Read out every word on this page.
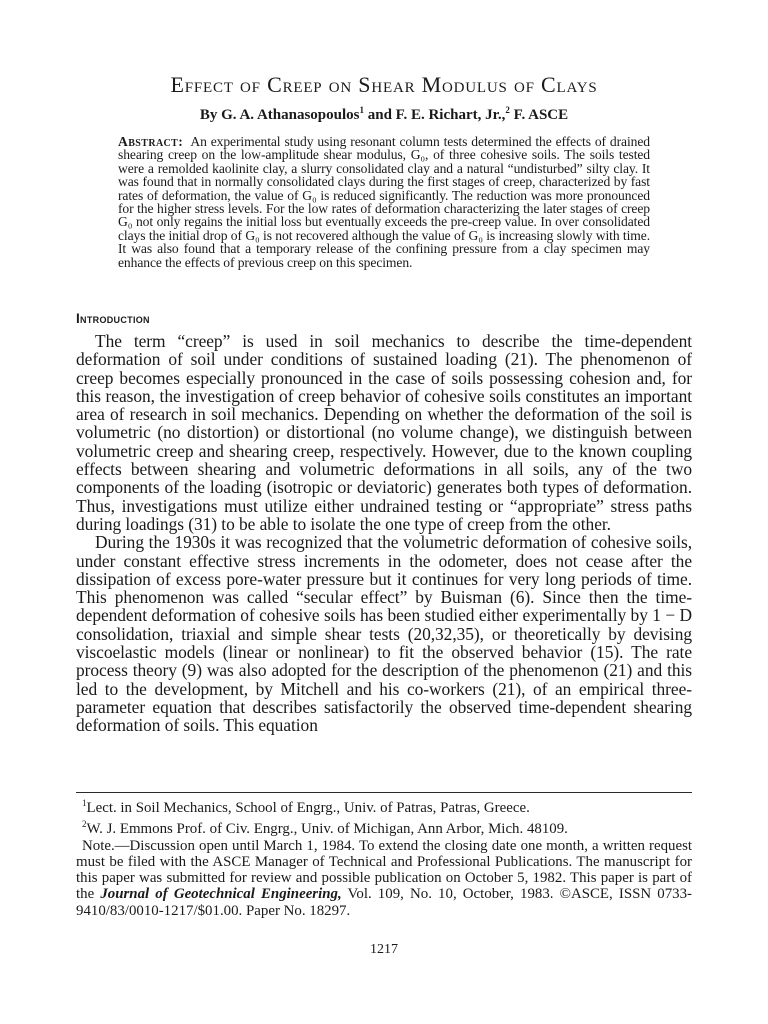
Effect of Creep on Shear Modulus of Clays
By G. A. Athanasopoulos$^1$ and F. E. Richart, Jr.,$^2$ F. ASCE

Abstract: An experimental study using resonant column tests determined the effects of drained shearing creep on the low-amplitude shear modulus, G₀, of three cohesive soils. The soils tested were a remolded kaolinite clay, a slurry consolidated clay and a natural “undisturbed” silty clay. It was found that in normally consolidated clays during the first stages of creep, characterized by fast rates of deformation, the value of G₀ is reduced significantly. The reduction was more pronounced for the higher stress levels. For the low rates of deformation characterizing the later stages of creep G₀ not only regains the initial loss but eventually exceeds the pre-creep value. In over consolidated clays the initial drop of G₀ is not recovered although the value of G₀ is increasing slowly with time. It was also found that a temporary release of the confining pressure from a clay specimen may enhance the effects of previous creep on this specimen.

Introduction

The term “creep” is used in soil mechanics to describe the time-dependent deformation of soil under conditions of sustained loading (21). The phenomenon of creep becomes especially pronounced in the case of soils possessing cohesion and, for this reason, the investigation of creep behavior of cohesive soils constitutes an important area of research in soil mechanics. Depending on whether the deformation of the soil is volumetric (no distortion) or distortional (no volume change), we distinguish between volumetric creep and shearing creep, respectively. However, due to the known coupling effects between shearing and volumetric deformations in all soils, any of the two components of the loading (isotropic or deviatoric) generates both types of deformation. Thus, investigations must utilize either undrained testing or “appropriate” stress paths during loadings (31) to be able to isolate the one type of creep from the other.

During the 1930s it was recognized that the volumetric deformation of cohesive soils, under constant effective stress increments in the odometer, does not cease after the dissipation of excess pore-water pressure but it continues for very long periods of time. This phenomenon was called “secular effect” by Buisman (6). Since then the time-dependent deformation of cohesive soils has been studied either experimentally by 1 − D consolidation, triaxial and simple shear tests (20,32,35), or theoretically by devising viscoelastic models (linear or nonlinear) to fit the observed behavior (15). The rate process theory (9) was also adopted for the description of the phenomenon (21) and this led to the development, by Mitchell and his co-workers (21), of an empirical three-parameter equation that describes satisfactorily the observed time-dependent shearing deformation of soils. This equation

$^1$Lect. in Soil Mechanics, School of Engrg., Univ. of Patras, Patras, Greece.

$^2$W. J. Emmons Prof. of Civ. Engrg., Univ. of Michigan, Ann Arbor, Mich. 48109.

Note.—Discussion open until March 1, 1984. To extend the closing date one month, a written request must be filed with the ASCE Manager of Technical and Professional Publications. The manuscript for this paper was submitted for review and possible publication on October 5, 1982. This paper is part of the Journal of Geotechnical Engineering, Vol. 109, No. 10, October, 1983. ©ASCE, ISSN 0733-9410/83/0010-1217/$01.00. Paper No. 18297.

1217
